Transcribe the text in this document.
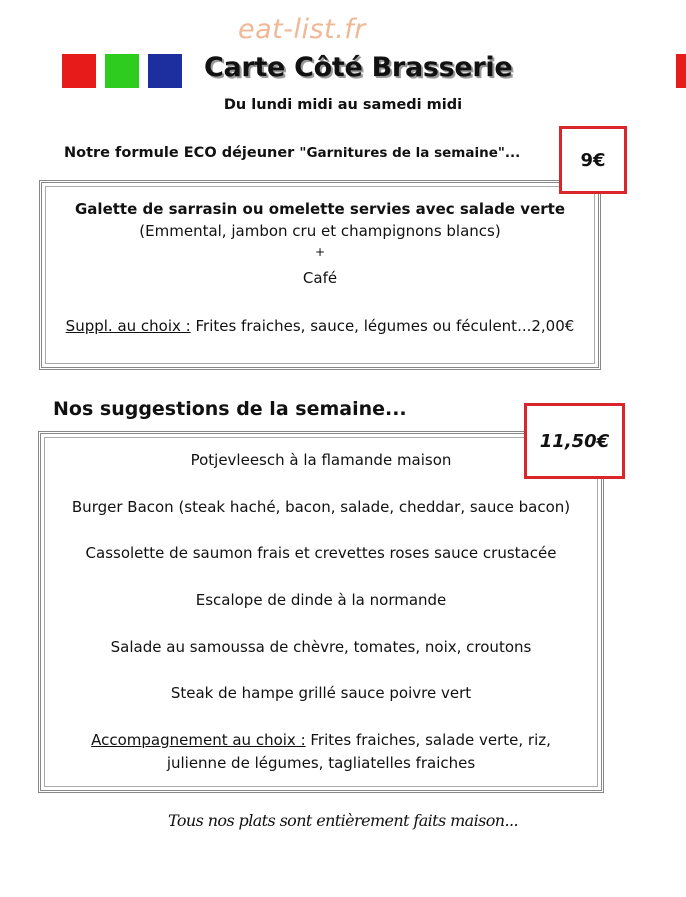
eat-list.fr
Carte Côté Brasserie
Du lundi midi au samedi midi
Notre formule ECO déjeuner "Garnitures de la semaine"...
Galette de sarrasin ou omelette servies avec salade verte
(Emmental, jambon cru et champignons blancs)
+
Café
Suppl. au choix : Frites fraiches, sauce, légumes ou féculent...2,00€
9€
Nos suggestions de la semaine...
Potjevleesch à la flamande maison
Burger Bacon (steak haché, bacon, salade, cheddar, sauce bacon)
Cassolette de saumon frais et crevettes roses sauce crustacée
Escalope de dinde à la normande
Salade au samoussa de chèvre, tomates, noix, croutons
Steak de hampe grillé sauce poivre vert
Accompagnement au choix : Frites fraiches, salade verte, riz,
julienne de légumes, tagliatelles fraiches
11,50€
Tous nos plats sont entièrement faits maison...
